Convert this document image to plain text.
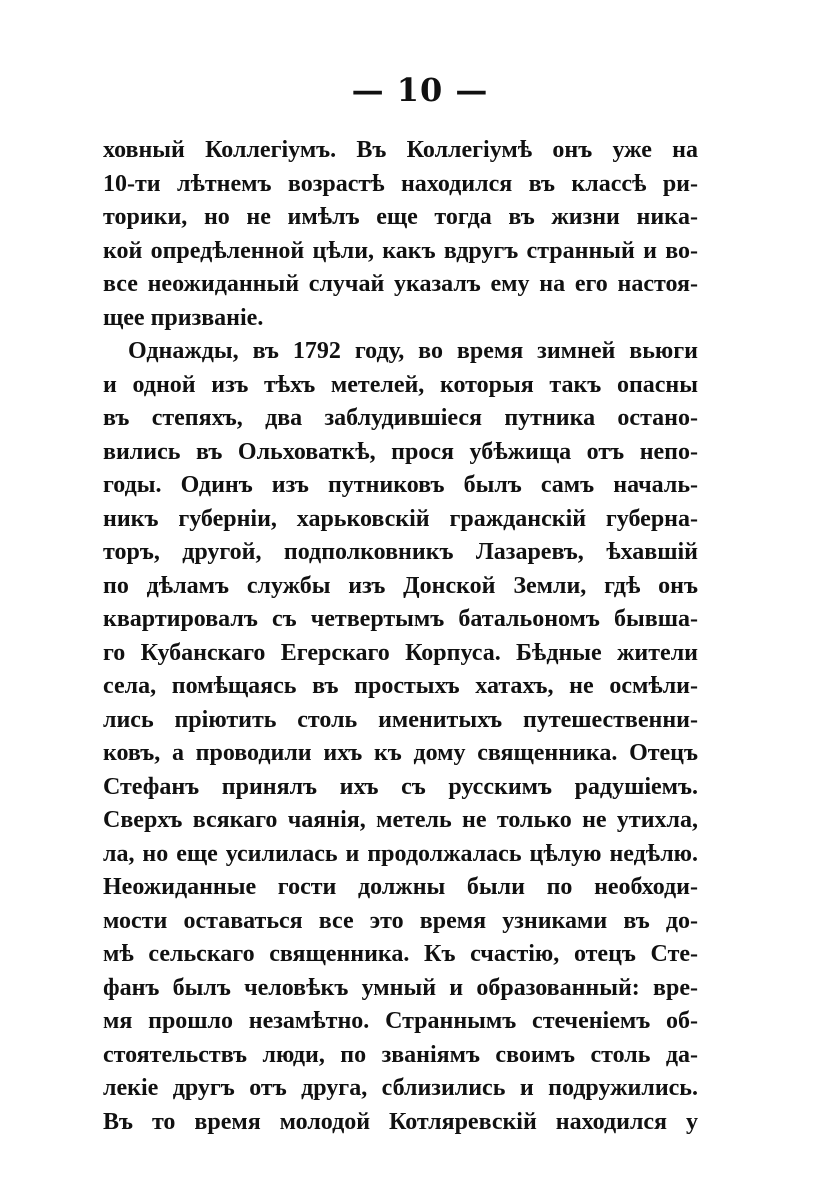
— 10 —
ховный Коллегіумъ. Въ Коллегіумѣ онъ уже на
10-ти лѣтнемъ возрастѣ находился въ классѣ ри-
торики, но не имѣлъ еще тогда въ жизни никa-
кой опредѣленной цѣли, какъ вдругъ странный и во-
все неожиданный случай указалъ ему на его настоя-
щее призваніе.
Однажды, въ 1792 году, во время зимней вьюги
и одной изъ тѣхъ метелей, которыя такъ опасны
въ степяхъ, два заблудившіеся путника остано-
вились въ Ольховаткѣ, прося убѣжища отъ непо-
годы. Одинъ изъ путниковъ былъ самъ началь-
никъ губерніи, харьковскій гражданскій губерна-
торъ, другой, подполковникъ Лазаревъ, ѣхавшій
по дѣламъ службы изъ Донской Земли, гдѣ онъ
квартировалъ съ четвертымъ батальономъ бывша-
го Кубанскаго Егерскаго Корпуса. Бѣдные жители
села, помѣщаясь въ простыхъ хатахъ, не осмѣли-
лись пріютить столь именитыхъ путешественни-
ковъ, а проводили ихъ къ дому священника. Отецъ
Стефанъ принялъ ихъ съ русскимъ радушіемъ.
Сверхъ всякаго чаянія, метель не только не утихла,
ла, но еще усилилась и продолжалась цѣлую недѣлю.
Неожиданные гости должны были по необходи-
мости оставаться все это время узниками въ до-
мѣ сельскаго священника. Къ счастію, отецъ Сте-
фанъ былъ человѣкъ умный и образованный: вре-
мя прошло незамѣтно. Страннымъ стеченіемъ об-
стоятельствъ люди, по званіямъ своимъ столь да-
лекіе другъ отъ друга, сблизились и подружились.
Въ то время молодой Котляревскій находился у
